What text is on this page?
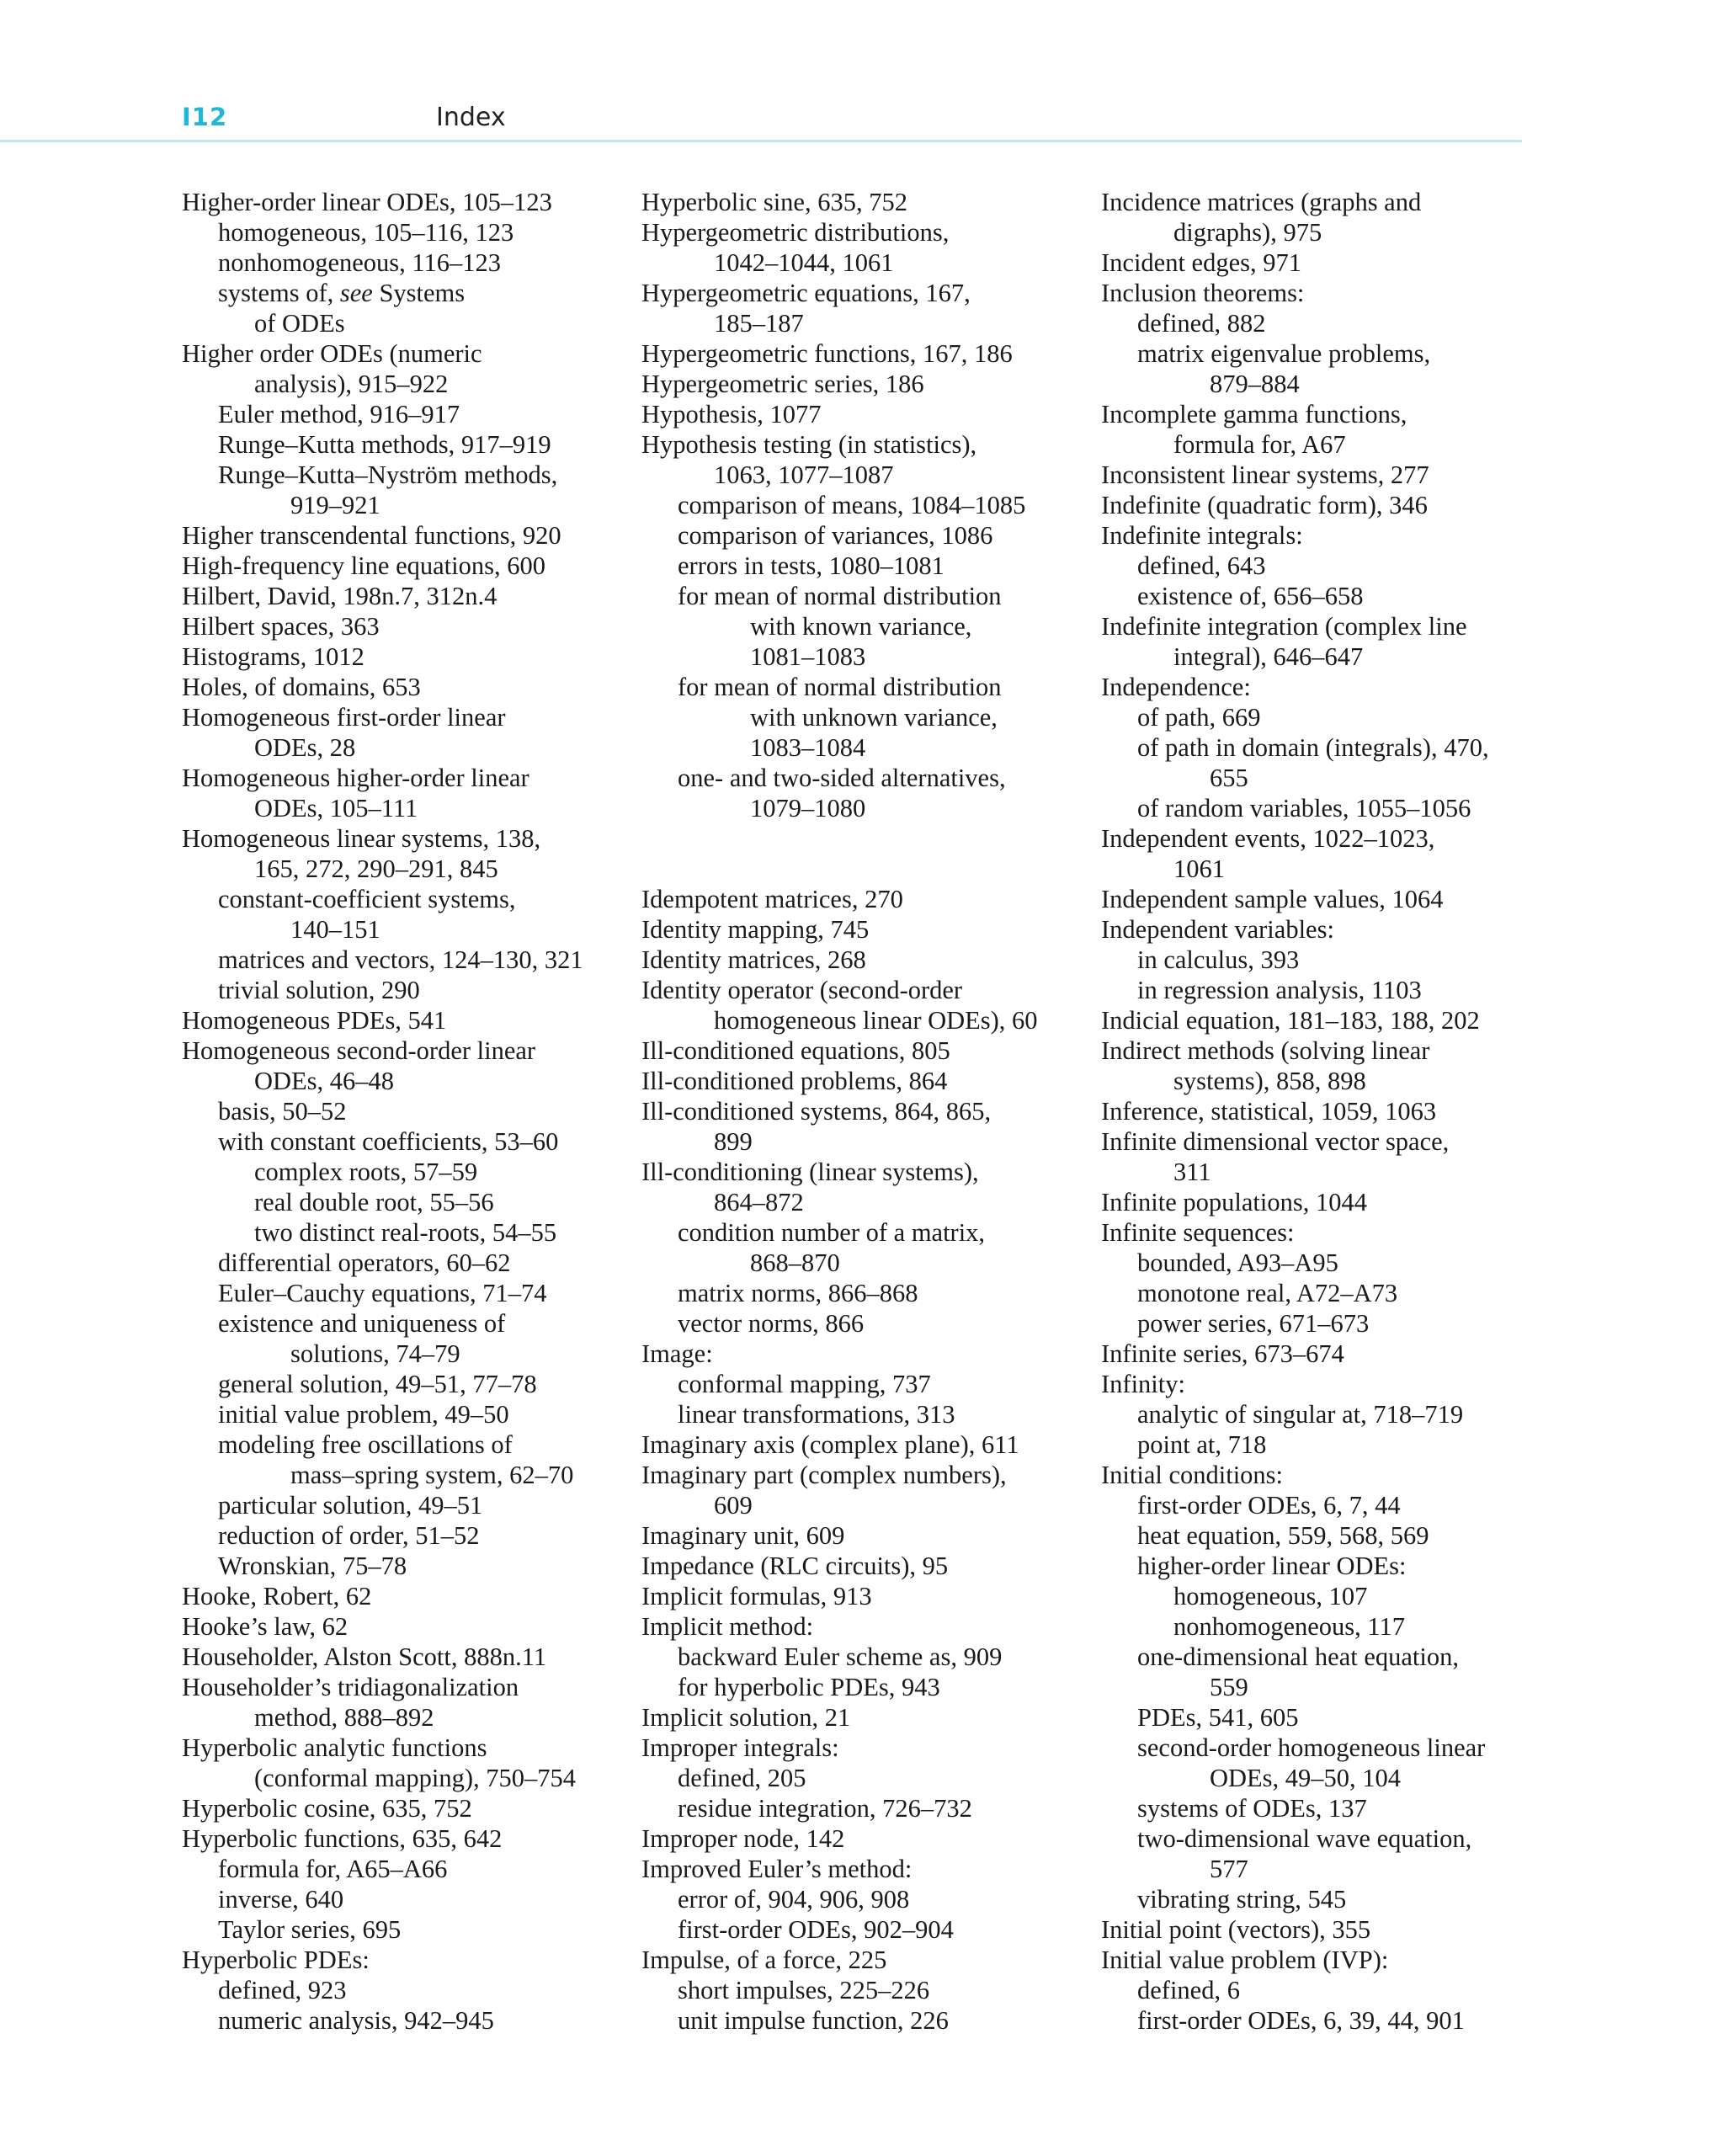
I12	Index
Higher-order linear ODEs, 105–123
homogeneous, 105–116, 123
nonhomogeneous, 116–123
systems of, see Systems
of ODEs
Higher order ODEs (numeric
analysis), 915–922
Euler method, 916–917
Runge–Kutta methods, 917–919
Runge–Kutta–Nyström methods,
919–921
Higher transcendental functions, 920
High-frequency line equations, 600
Hilbert, David, 198n.7, 312n.4
Hilbert spaces, 363
Histograms, 1012
Holes, of domains, 653
Homogeneous first-order linear
ODEs, 28
Homogeneous higher-order linear
ODEs, 105–111
Homogeneous linear systems, 138,
165, 272, 290–291, 845
constant-coefficient systems,
140–151
matrices and vectors, 124–130, 321
trivial solution, 290
Homogeneous PDEs, 541
Homogeneous second-order linear
ODEs, 46–48
basis, 50–52
with constant coefficients, 53–60
complex roots, 57–59
real double root, 55–56
two distinct real-roots, 54–55
differential operators, 60–62
Euler–Cauchy equations, 71–74
existence and uniqueness of
solutions, 74–79
general solution, 49–51, 77–78
initial value problem, 49–50
modeling free oscillations of
mass–spring system, 62–70
particular solution, 49–51
reduction of order, 51–52
Wronskian, 75–78
Hooke, Robert, 62
Hooke’s law, 62
Householder, Alston Scott, 888n.11
Householder’s tridiagonalization
method, 888–892
Hyperbolic analytic functions
(conformal mapping), 750–754
Hyperbolic cosine, 635, 752
Hyperbolic functions, 635, 642
formula for, A65–A66
inverse, 640
Taylor series, 695
Hyperbolic PDEs:
defined, 923
numeric analysis, 942–945
Hyperbolic sine, 635, 752
Hypergeometric distributions,
1042–1044, 1061
Hypergeometric equations, 167,
185–187
Hypergeometric functions, 167, 186
Hypergeometric series, 186
Hypothesis, 1077
Hypothesis testing (in statistics),
1063, 1077–1087
comparison of means, 1084–1085
comparison of variances, 1086
errors in tests, 1080–1081
for mean of normal distribution
with known variance,
1081–1083
for mean of normal distribution
with unknown variance,
1083–1084
one- and two-sided alternatives,
1079–1080
Idempotent matrices, 270
Identity mapping, 745
Identity matrices, 268
Identity operator (second-order
homogeneous linear ODEs), 60
Ill-conditioned equations, 805
Ill-conditioned problems, 864
Ill-conditioned systems, 864, 865,
899
Ill-conditioning (linear systems),
864–872
condition number of a matrix,
868–870
matrix norms, 866–868
vector norms, 866
Image:
conformal mapping, 737
linear transformations, 313
Imaginary axis (complex plane), 611
Imaginary part (complex numbers),
609
Imaginary unit, 609
Impedance (RLC circuits), 95
Implicit formulas, 913
Implicit method:
backward Euler scheme as, 909
for hyperbolic PDEs, 943
Implicit solution, 21
Improper integrals:
defined, 205
residue integration, 726–732
Improper node, 142
Improved Euler’s method:
error of, 904, 906, 908
first-order ODEs, 902–904
Impulse, of a force, 225
short impulses, 225–226
unit impulse function, 226
Incidence matrices (graphs and
digraphs), 975
Incident edges, 971
Inclusion theorems:
defined, 882
matrix eigenvalue problems,
879–884
Incomplete gamma functions,
formula for, A67
Inconsistent linear systems, 277
Indefinite (quadratic form), 346
Indefinite integrals:
defined, 643
existence of, 656–658
Indefinite integration (complex line
integral), 646–647
Independence:
of path, 669
of path in domain (integrals), 470,
655
of random variables, 1055–1056
Independent events, 1022–1023,
1061
Independent sample values, 1064
Independent variables:
in calculus, 393
in regression analysis, 1103
Indicial equation, 181–183, 188, 202
Indirect methods (solving linear
systems), 858, 898
Inference, statistical, 1059, 1063
Infinite dimensional vector space,
311
Infinite populations, 1044
Infinite sequences:
bounded, A93–A95
monotone real, A72–A73
power series, 671–673
Infinite series, 673–674
Infinity:
analytic of singular at, 718–719
point at, 718
Initial conditions:
first-order ODEs, 6, 7, 44
heat equation, 559, 568, 569
higher-order linear ODEs:
homogeneous, 107
nonhomogeneous, 117
one-dimensional heat equation,
559
PDEs, 541, 605
second-order homogeneous linear
ODEs, 49–50, 104
systems of ODEs, 137
two-dimensional wave equation,
577
vibrating string, 545
Initial point (vectors), 355
Initial value problem (IVP):
defined, 6
first-order ODEs, 6, 39, 44, 901
